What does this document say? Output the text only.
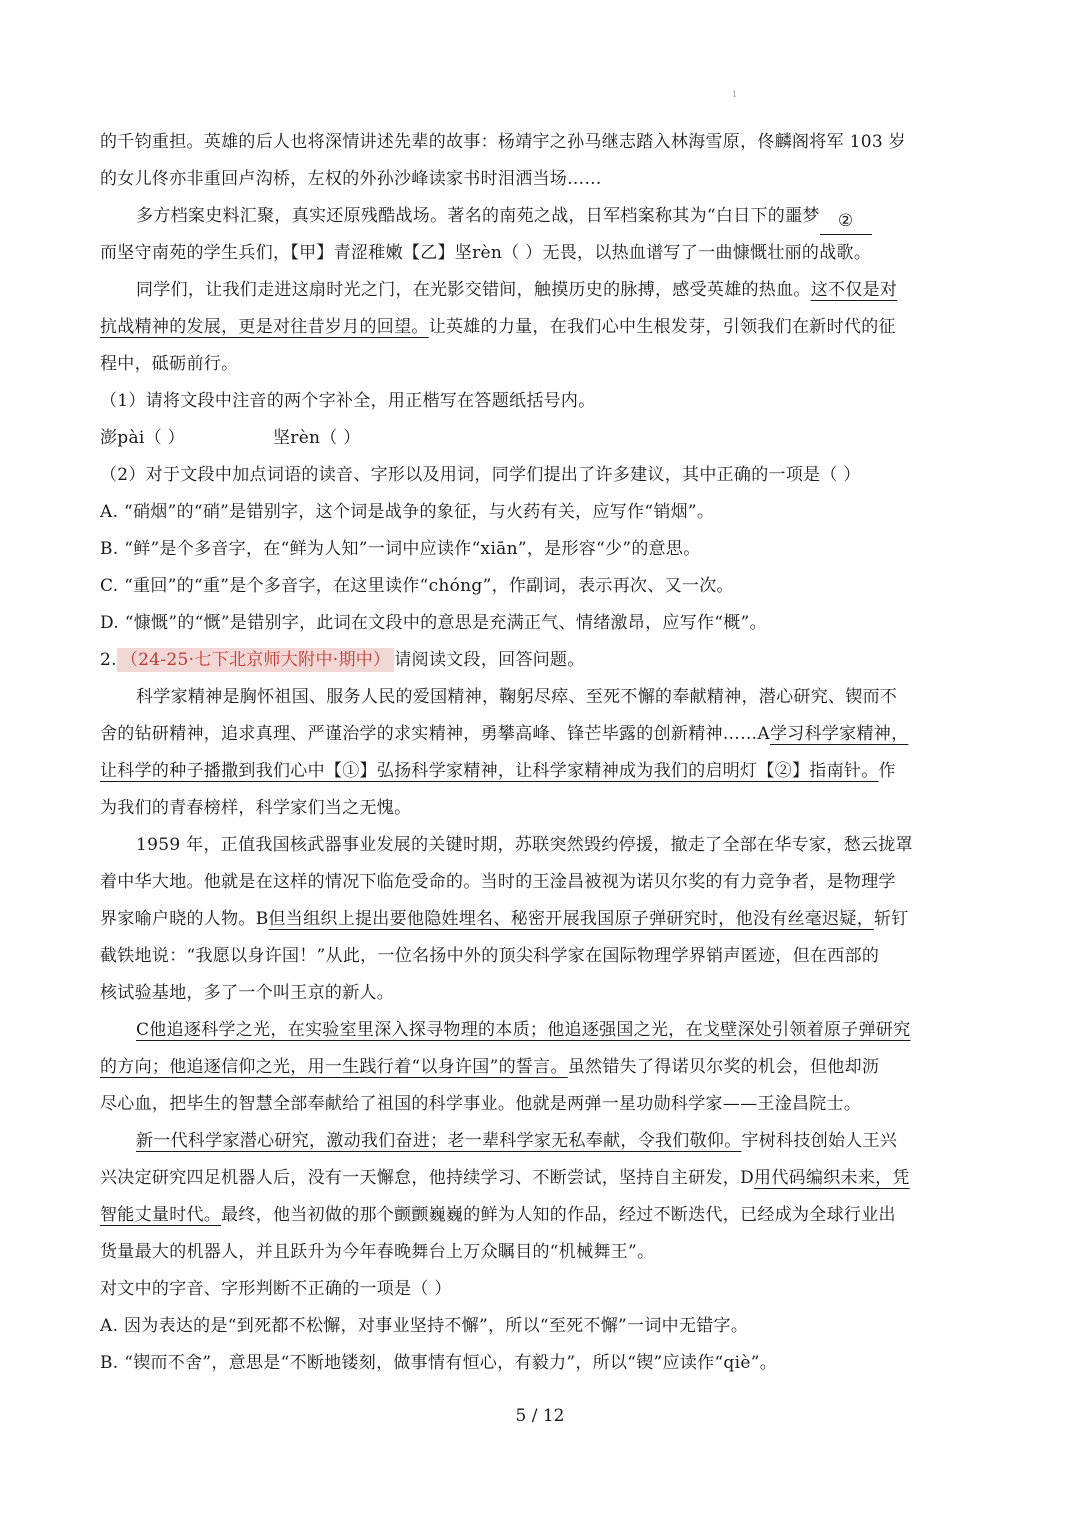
1
的千钧重担。英雄的后人也将深情讲述先辈的故事：杨靖宇之孙马继志踏入林海雪原，佟麟阁将军 103 岁
的女儿佟亦非重回卢沟桥，左权的外孙沙峰读家书时泪洒当场……
多方档案史料汇聚，真实还原残酷战场。著名的南苑之战，日军档案称其为“白日下的噩梦 ②
而坚守南苑的学生兵们，【甲】青涩稚嫩【乙】坚rèn（ ）无畏，以热血谱写了一曲慷慨壮丽的战歌。
同学们，让我们走进这扇时光之门，在光影交错间，触摸历史的脉搏，感受英雄的热血。这不仅是对
抗战精神的发展，更是对往昔岁月的回望。让英雄的力量，在我们心中生根发芽，引领我们在新时代的征
程中，砥砺前行。
（1）请将文段中注音的两个字补全，用正楷写在答题纸括号内。
澎pài（ ）	坚rèn（ ）
（2）对于文段中加点词语的读音、字形以及用词，同学们提出了许多建议，其中正确的一项是（ ）
A. “硝烟”的“硝”是错别字，这个词是战争的象征，与火药有关，应写作“销烟”。
B. “鲜”是个多音字，在“鲜为人知”一词中应读作“xiān”，是形容“少”的意思。
C. “重回”的“重”是个多音字，在这里读作“chóng”，作副词，表示再次、又一次。
D. “慷慨”的“慨”是错别字，此词在文段中的意思是充满正气、情绪激昂，应写作“概”。
2. （24-25·七下北京师大附中·期中） 请阅读文段，回答问题。
科学家精神是胸怀祖国、服务人民的爱国精神，鞠躬尽瘁、至死不懈的奉献精神，潜心研究、锲而不
舍的钻研精神，追求真理、严谨治学的求实精神，勇攀高峰、锋芒毕露的创新精神……A学习科学家精神，
让科学的种子播撒到我们心中【①】弘扬科学家精神，让科学家精神成为我们的启明灯【②】指南针。作
为我们的青春榜样，科学家们当之无愧。
1959 年，正值我国核武器事业发展的关键时期，苏联突然毁约停援，撤走了全部在华专家，愁云拢罩
着中华大地。他就是在这样的情况下临危受命的。当时的王淦昌被视为诺贝尔奖的有力竞争者，是物理学
界家喻户晓的人物。B但当组织上提出要他隐姓埋名、秘密开展我国原子弹研究时，他没有丝毫迟疑，斩钉
截铁地说：“我愿以身许国！”从此，一位名扬中外的顶尖科学家在国际物理学界销声匿迹，但在西部的
核试验基地，多了一个叫王京的新人。
C他追逐科学之光，在实验室里深入探寻物理的本质；他追逐强国之光，在戈壁深处引领着原子弹研究
的方向；他追逐信仰之光，用一生践行着“以身许国”的誓言。虽然错失了得诺贝尔奖的机会，但他却沥
尽心血，把毕生的智慧全部奉献给了祖国的科学事业。他就是两弹一星功勋科学家——王淦昌院士。
新一代科学家潜心研究，激动我们奋进；老一辈科学家无私奉献，令我们敬仰。宇树科技创始人王兴
兴决定研究四足机器人后，没有一天懈怠，他持续学习、不断尝试，坚持自主研发，D用代码编织未来，凭
智能丈量时代。最终，他当初做的那个颤颤巍巍的鲜为人知的作品，经过不断迭代，已经成为全球行业出
货量最大的机器人，并且跃升为今年春晚舞台上万众瞩目的“机械舞王”。
对文中的字音、字形判断不正确的一项是（ ）
A. 因为表达的是“到死都不松懈，对事业坚持不懈”，所以“至死不懈”一词中无错字。
B. “锲而不舍”，意思是“不断地镂刻，做事情有恒心，有毅力”，所以“锲”应读作“qiè”。
5 / 12
